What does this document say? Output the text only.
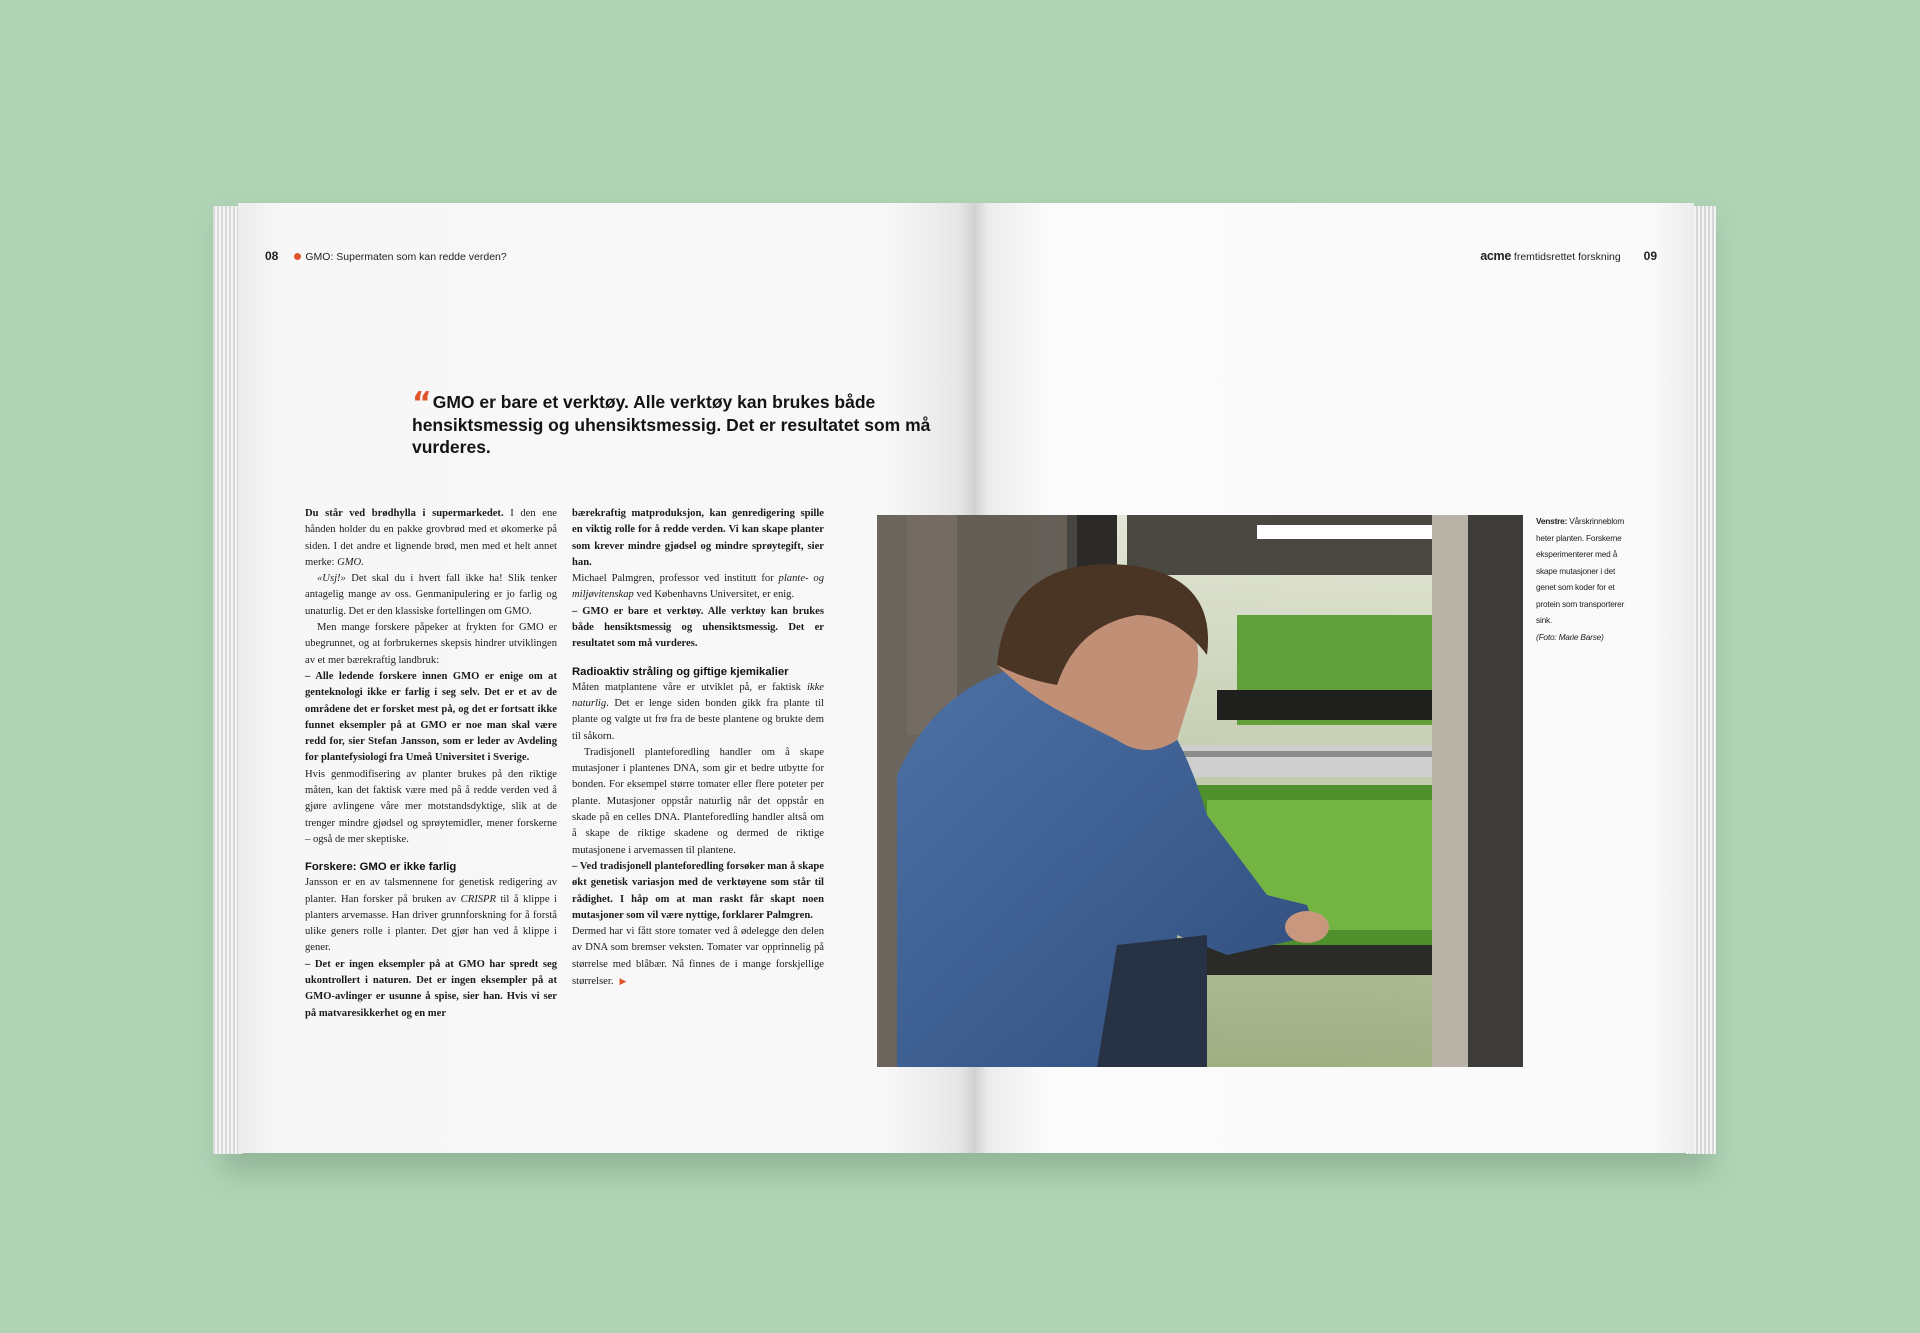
08	GMO: Supermaten som kan redde verden?
“ GMO er bare et verktøy. Alle verktøy kan brukes både hensiktsmessig og uhensiktsmessig. Det er resultatet som må vurderes.

Du står ved brødhylla i supermarkedet. I den ene hånden holder du en pakke grovbrød med et økomerke på siden. I det andre et lignende brød, men med et helt annet merke: GMO.

«Usj!» Det skal du i hvert fall ikke ha! Slik tenker antagelig mange av oss. Genmanipulering er jo farlig og unaturlig. Det er den klassiske fortellingen om GMO.

Men mange forskere påpeker at frykten for GMO er ubegrunnet, og at forbrukernes skepsis hindrer utviklingen av et mer bærekraftig landbruk:

– Alle ledende forskere innen GMO er enige om at genteknologi ikke er farlig i seg selv. Det er et av de områdene det er forsket mest på, og det er fortsatt ikke funnet eksempler på at GMO er noe man skal være redd for, sier Stefan Jansson, som er leder av Avdeling for plantefysiologi fra Umeå Universitet i Sverige.

Hvis genmodifisering av planter brukes på den riktige måten, kan det faktisk være med på å redde verden ved å gjøre avlingene våre mer motstandsdyktige, slik at de trenger mindre gjødsel og sprøytemidler, mener forskerne – også de mer skeptiske.

Forskere: GMO er ikke farlig

Jansson er en av talsmennene for genetisk redigering av planter. Han forsker på bruken av CRISPR til å klippe i planters arvemasse. Han driver grunnforskning for å forstå ulike geners rolle i planter. Det gjør han ved å klippe i gener.

– Det er ingen eksempler på at GMO har spredt seg ukontrollert i naturen. Det er ingen eksempler på at GMO-avlinger er usunne å spise, sier han. Hvis vi ser på matvaresikkerhet og en mer

bærekraftig matproduksjon, kan genredigering spille en viktig rolle for å redde verden. Vi kan skape planter som krever mindre gjødsel og mindre sprøytegift, sier han.

Michael Palmgren, professor ved institutt for plante- og miljøvitenskap ved Københavns Universitet, er enig.

– GMO er bare et verktøy. Alle verktøy kan brukes både hensiktsmessig og uhensiktsmessig. Det er resultatet som må vurderes.

Radioaktiv stråling og giftige kjemikalier

Måten matplantene våre er utviklet på, er faktisk ikke naturlig. Det er lenge siden bonden gikk fra plante til plante og valgte ut frø fra de beste plantene og brukte dem til såkorn.

Tradisjonell planteforedling handler om å skape mutasjoner i plantenes DNA, som gir et bedre utbytte for bonden. For eksempel større tomater eller flere poteter per plante. Mutasjoner oppstår naturlig når det oppstår en skade på en celles DNA. Planteforedling handler altså om å skape de riktige skadene og dermed de riktige mutasjonene i arvemassen til plantene.

– Ved tradisjonell planteforedling forsøker man å skape økt genetisk variasjon med de verktøyene som står til rådighet. I håp om at man raskt får skapt noen mutasjoner som vil være nyttige, forklarer Palmgren.

Dermed har vi fått store tomater ved å ødelegge den delen av DNA som bremser veksten. Tomater var opprinnelig på størrelse med blåbær. Nå finnes de i mange forskjellige størrelser. ▶

acme fremtidsrettet forskning 09
Venstre: Vårskrinneblom heter planten. Forskerne eksperimenterer med å skape mutasjoner i det genet som koder for et protein som transporterer sink.
(Foto: Marie Barse)
